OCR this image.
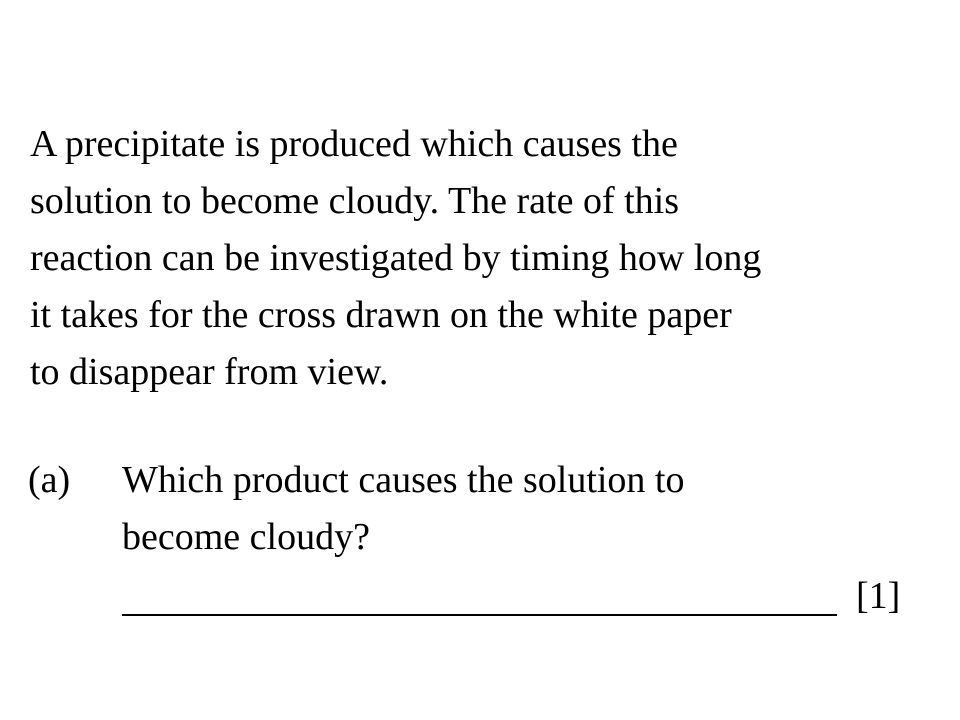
A precipitate is produced which causes the
solution to become cloudy. The rate of this
reaction can be investigated by timing how long
it takes for the cross drawn on the white paper
to disappear from view.
(a) Which product causes the solution to
become cloudy?
[1]
